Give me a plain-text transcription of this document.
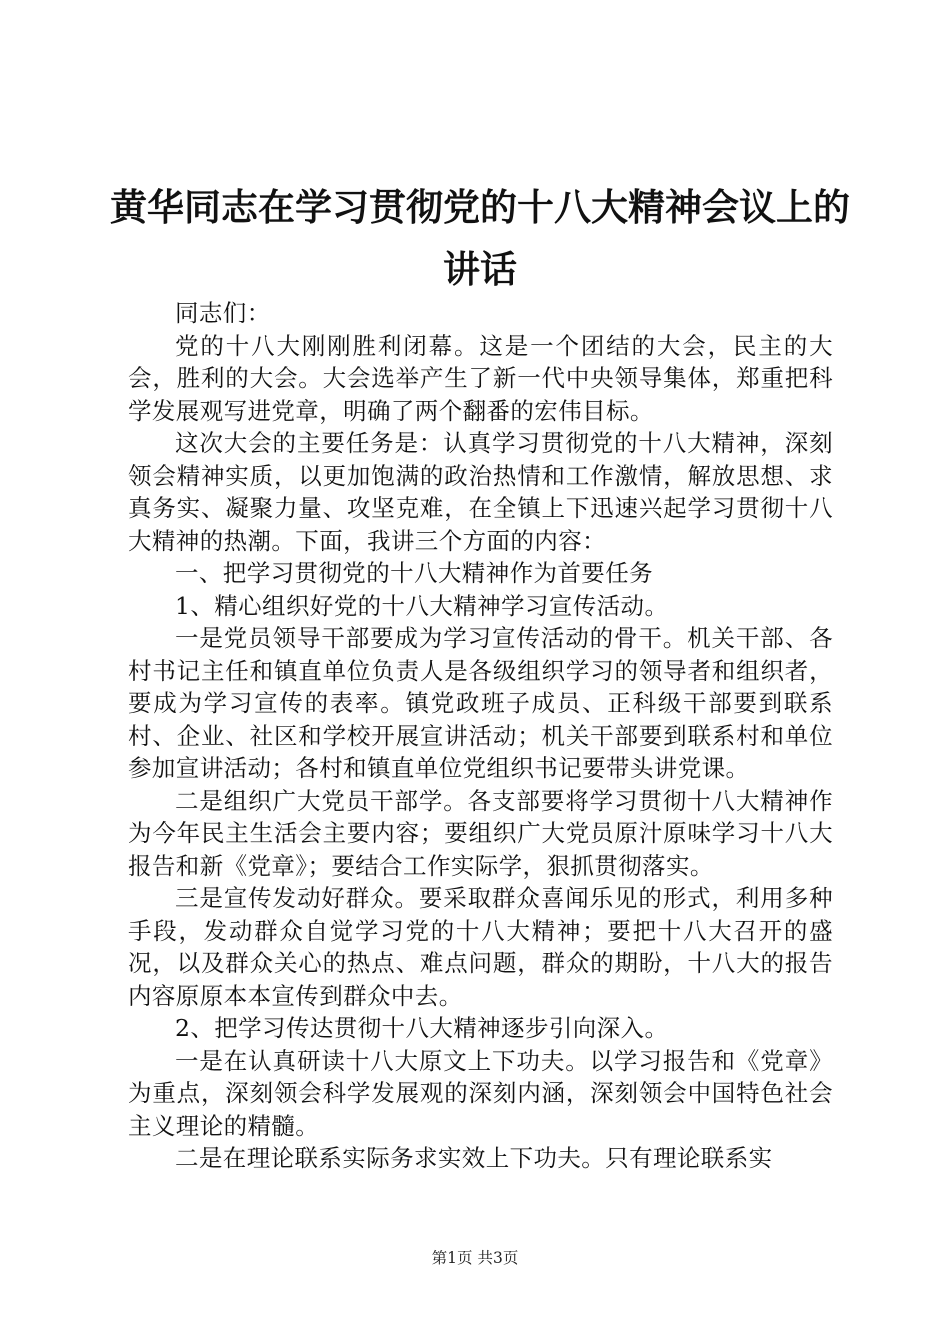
黄华同志在学习贯彻党的十八大精神会议上的
讲话

同志们：

党的十八大刚刚胜利闭幕。这是一个团结的大会，民主的大会，胜利的大会。大会选举产生了新一代中央领导集体，郑重把科学发展观写进党章，明确了两个翻番的宏伟目标。

这次大会的主要任务是：认真学习贯彻党的十八大精神，深刻领会精神实质，以更加饱满的政治热情和工作激情，解放思想、求真务实、凝聚力量、攻坚克难，在全镇上下迅速兴起学习贯彻十八大精神的热潮。下面，我讲三个方面的内容：

一、把学习贯彻党的十八大精神作为首要任务

1、精心组织好党的十八大精神学习宣传活动。

一是党员领导干部要成为学习宣传活动的骨干。机关干部、各村书记主任和镇直单位负责人是各级组织学习的领导者和组织者，要成为学习宣传的表率。镇党政班子成员、正科级干部要到联系村、企业、社区和学校开展宣讲活动；机关干部要到联系村和单位参加宣讲活动；各村和镇直单位党组织书记要带头讲党课。

二是组织广大党员干部学。各支部要将学习贯彻十八大精神作为今年民主生活会主要内容；要组织广大党员原汁原味学习十八大报告和新《党章》；要结合工作实际学，狠抓贯彻落实。

三是宣传发动好群众。要采取群众喜闻乐见的形式，利用多种手段，发动群众自觉学习党的十八大精神；要把十八大召开的盛况，以及群众关心的热点、难点问题，群众的期盼，十八大的报告内容原原本本宣传到群众中去。

2、把学习传达贯彻十八大精神逐步引向深入。

一是在认真研读十八大原文上下功夫。以学习报告和《党章》为重点，深刻领会科学发展观的深刻内涵，深刻领会中国特色社会主义理论的精髓。

二是在理论联系实际务求实效上下功夫。只有理论联系实

第1页 共3页
